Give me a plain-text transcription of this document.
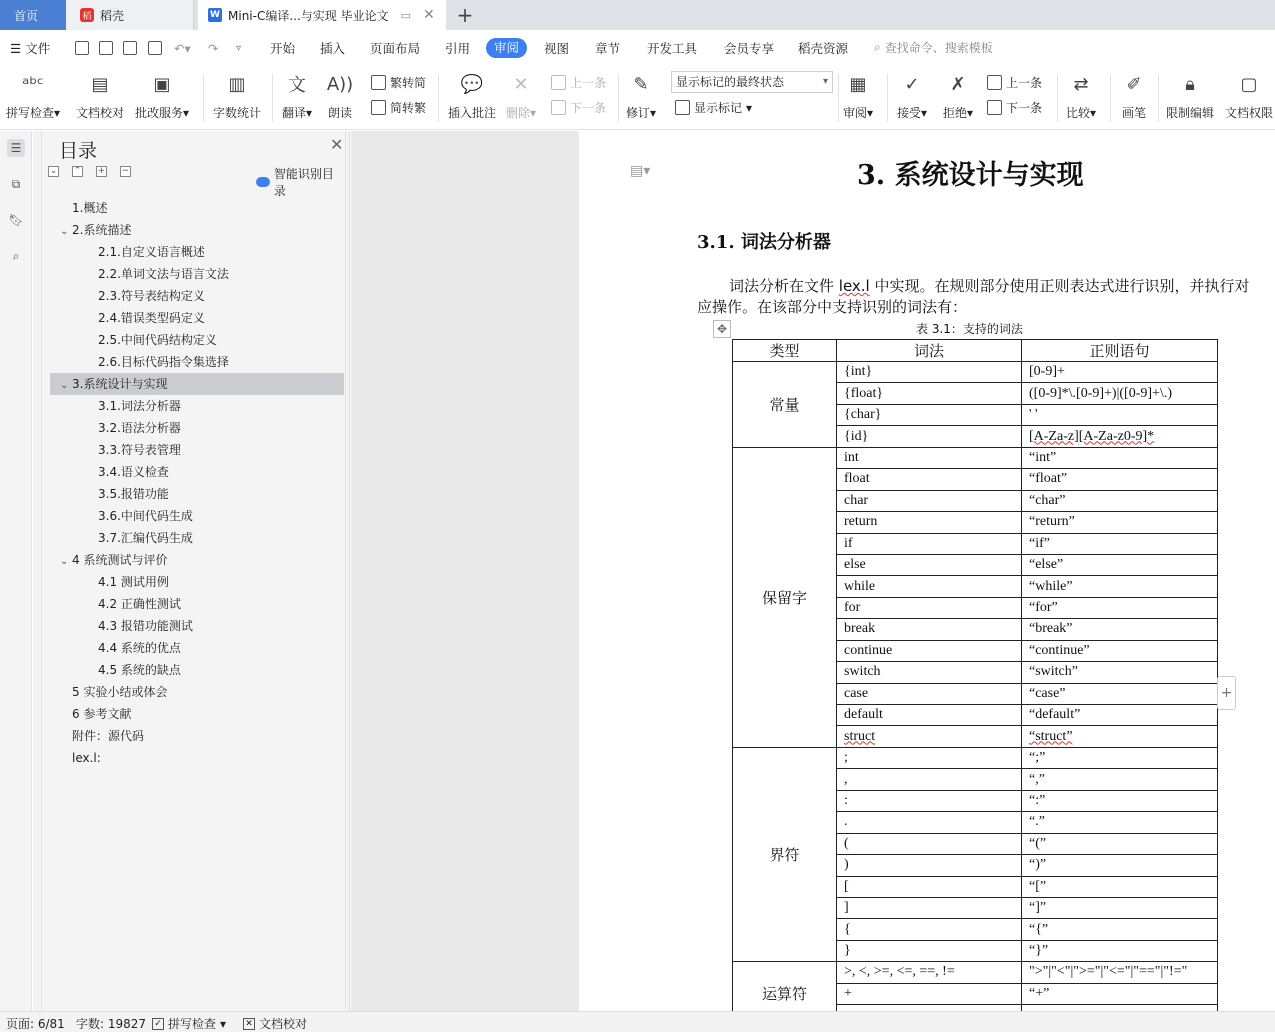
首页	稻 稻壳	W Mini-C编译...与实现 毕业论文 ▭ ✕ +
☰ 文件	↶▾ ↷ ▿ 开始 插入 页面布局 引用	审阅	视图 章节 开发工具 会员专享 稻壳资源 ⌕ 查找命令、搜索模板
ᵃᵇᶜ
拼写检查▾
▤
文档校对
▣
批改服务▾
▥
字数统计
文
翻译▾
A))
朗读
繁转简
简转繁
💬
插入批注
✕
删除▾
上一条
下一条
✎
修订▾	显示标记 ▾
▦
审阅▾
✓
接受▾
✗
拒绝▾
上一条
下一条
⇄
比较▾
✐
画笔
🔒︎
限制编辑
▢
文档权限
显示标记的最终状态 ▾
☰
⧉
🔖︎
⌕
目录	✕
⌄ ⌃ + −	智能识别目录
1.概述
⌄ 2.系统描述
2.1.自定义语言概述
2.2.单词文法与语言文法
2.3.符号表结构定义
2.4.错误类型码定义
2.5.中间代码结构定义
2.6.目标代码指令集选择
⌄ 3.系统设计与实现
3.1.词法分析器
3.2.语法分析器
3.3.符号表管理
3.4.语义检查
3.5.报错功能
3.6.中间代码生成
3.7.汇编代码生成
⌄ 4 系统测试与评价
4.1 测试用例
4.2 正确性测试
4.3 报错功能测试
4.4 系统的优点
4.5 系统的缺点
5 实验小结或体会
6 参考文献
附件：源代码
lex.l:
▤▾	3. 系统设计与实现
3.1. 词法分析器
词法分析在文件 lex.l 中实现。在规则部分使用正则表达式进行识别，并执行对应操作。在该部分中支持识别的词法有：
✥	表 3.1：支持的词法
类型	词法	正则语句
常量	{int}	[0-9]+
	{float}	([0-9]*\.[0-9]+)|([0-9]+\.)
	{char}	' '
	{id}	[A-Za-z][A-Za-z0-9]*
保留字	int	“int”
	float	“float”
	char	“char”
	return	“return”
	if	“if”
	else	“else”
	while	“while”
	for	“for”
	break	“break”
	continue	“continue”
	switch	“switch”
	case	“case”
	default	“default”
	struct	“struct”
界符	;	“;”
	,	“,”
	:	“:”
	.	“.”
	(	“(”
	)	“)”
	[	“[”
	]	“]”
	{	“{”
	}	“}”
运算符	>, <, >=, <=, ==, !=	">"|"<"|">="|"<="|"=="|"!="
	+	“+”

+
页面: 6/81 字数: 19827 ✓ 拼写检查 ▾ ✕ 文档校对
